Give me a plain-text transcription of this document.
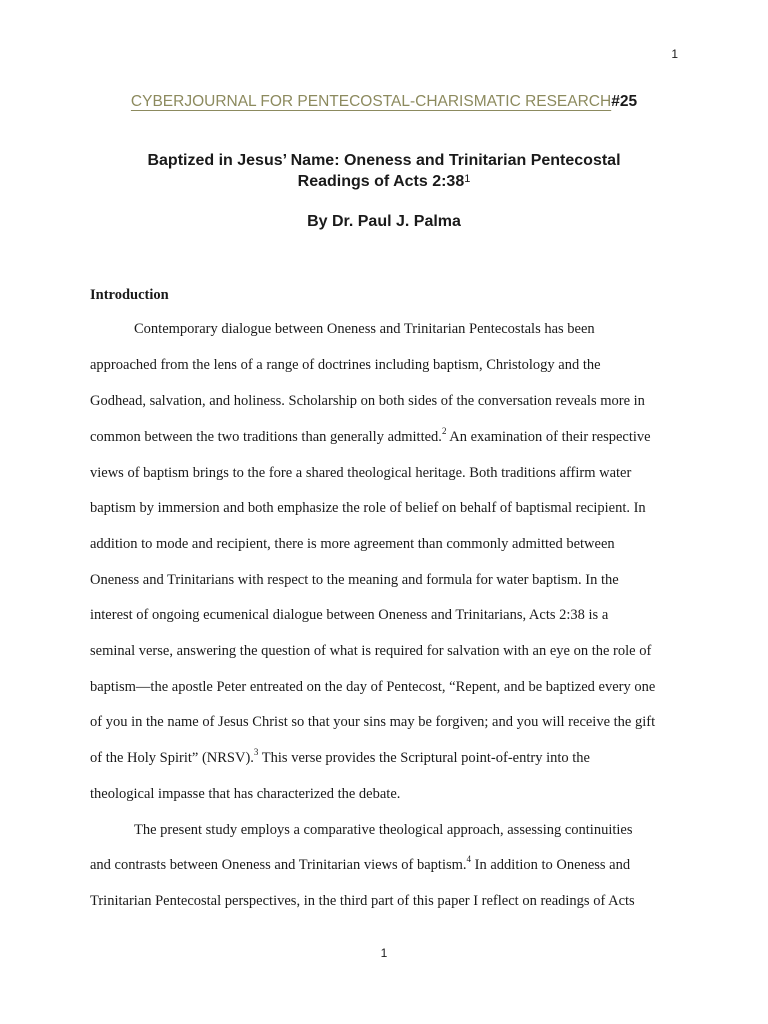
1
CYBERJOURNAL FOR PENTECOSTAL-CHARISMATIC RESEARCH#25
Baptized in Jesus’ Name: Oneness and Trinitarian Pentecostal
Readings of Acts $2:38^1$
By Dr. Paul J. Palma
Introduction
Contemporary dialogue between Oneness and Trinitarian Pentecostals has been
approached from the lens of a range of doctrines including baptism, Christology and the
Godhead, salvation, and holiness. Scholarship on both sides of the conversation reveals more in
common between the two traditions than generally admitted.$^2$ An examination of their respective
views of baptism brings to the fore a shared theological heritage. Both traditions affirm water
baptism by immersion and both emphasize the role of belief on behalf of baptismal recipient. In
addition to mode and recipient, there is more agreement than commonly admitted between
Oneness and Trinitarians with respect to the meaning and formula for water baptism. In the
interest of ongoing ecumenical dialogue between Oneness and Trinitarians, Acts 2:38 is a
seminal verse, answering the question of what is required for salvation with an eye on the role of
baptism—the apostle Peter entreated on the day of Pentecost, “Repent, and be baptized every one
of you in the name of Jesus Christ so that your sins may be forgiven; and you will receive the gift
of the Holy Spirit” (NRSV).$^3$ This verse provides the Scriptural point-of-entry into the
theological impasse that has characterized the debate.
The present study employs a comparative theological approach, assessing continuities
and contrasts between Oneness and Trinitarian views of baptism.$^4$ In addition to Oneness and
Trinitarian Pentecostal perspectives, in the third part of this paper I reflect on readings of Acts
1
